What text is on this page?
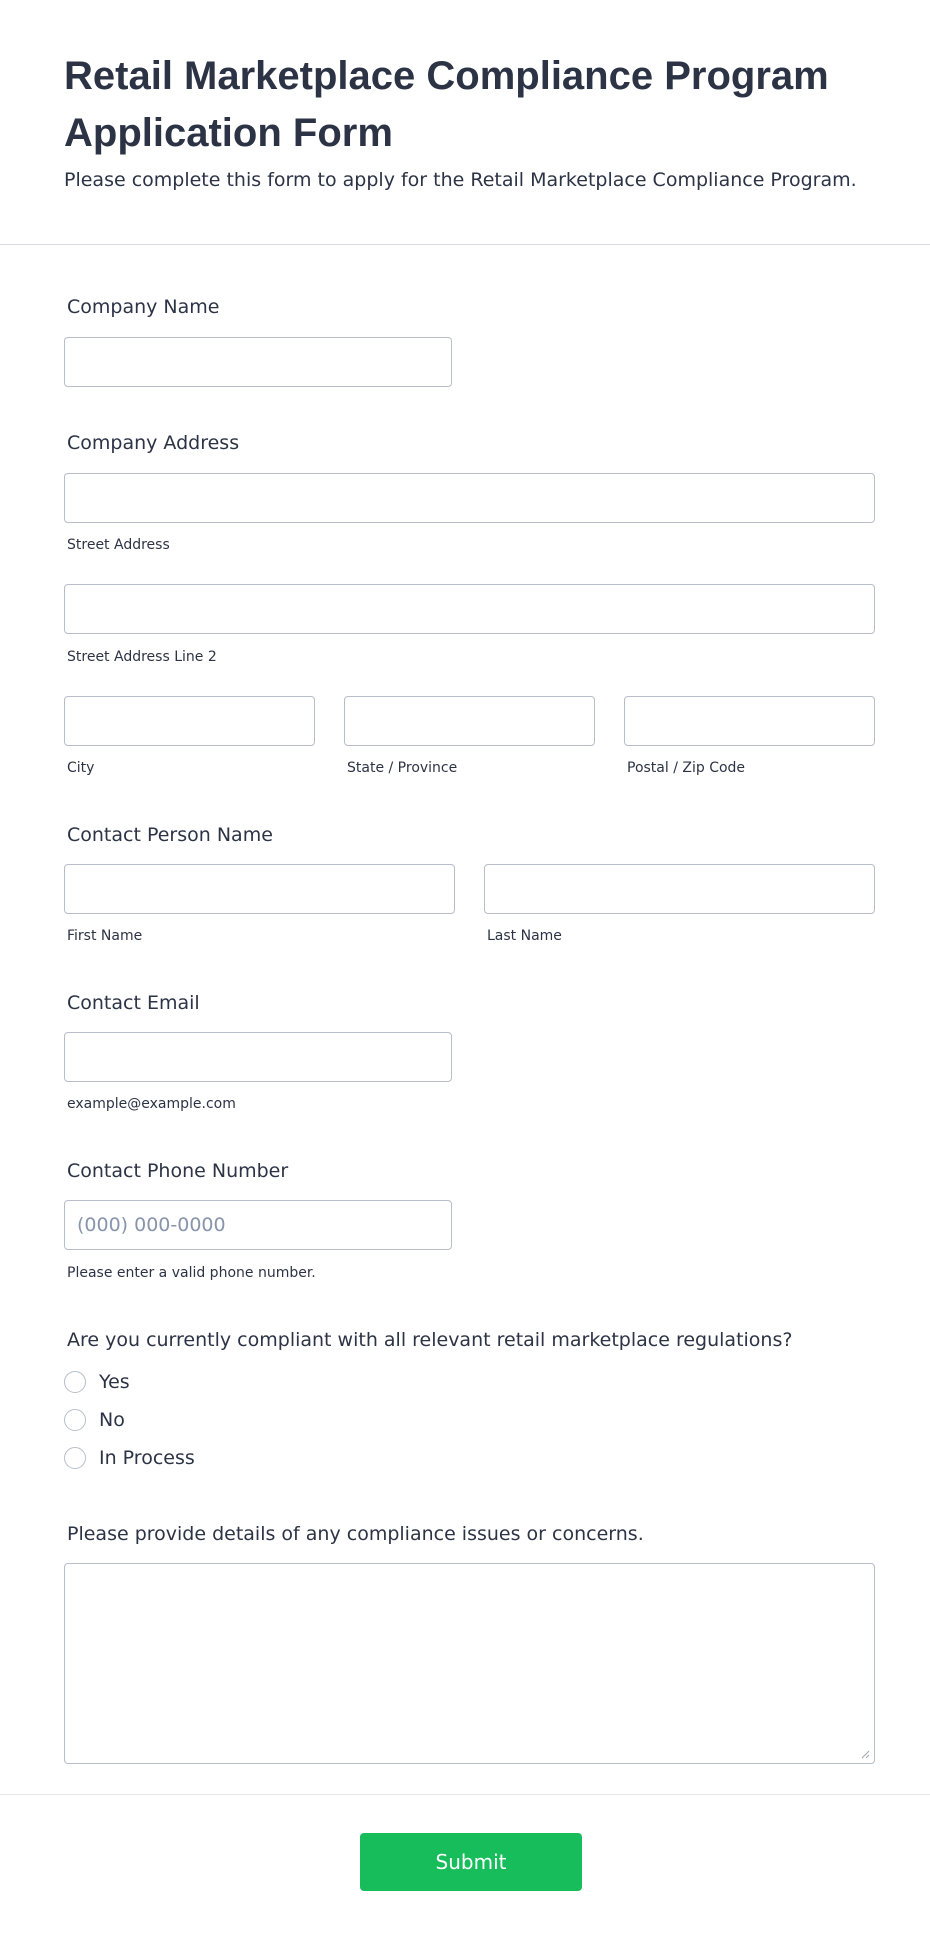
Retail Marketplace Compliance Program Application Form

Please complete this form to apply for the Retail Marketplace Compliance Program.

Company Name
Company Address
Street Address
Street Address Line 2
City	State / Province	Postal / Zip Code
Contact Person Name
First Name	Last Name
Contact Email
example@example.com
Contact Phone Number
(000) 000-0000
Please enter a valid phone number.
Are you currently compliant with all relevant retail marketplace regulations?
Yes
No
In Process
Please provide details of any compliance issues or concerns.
Submit
